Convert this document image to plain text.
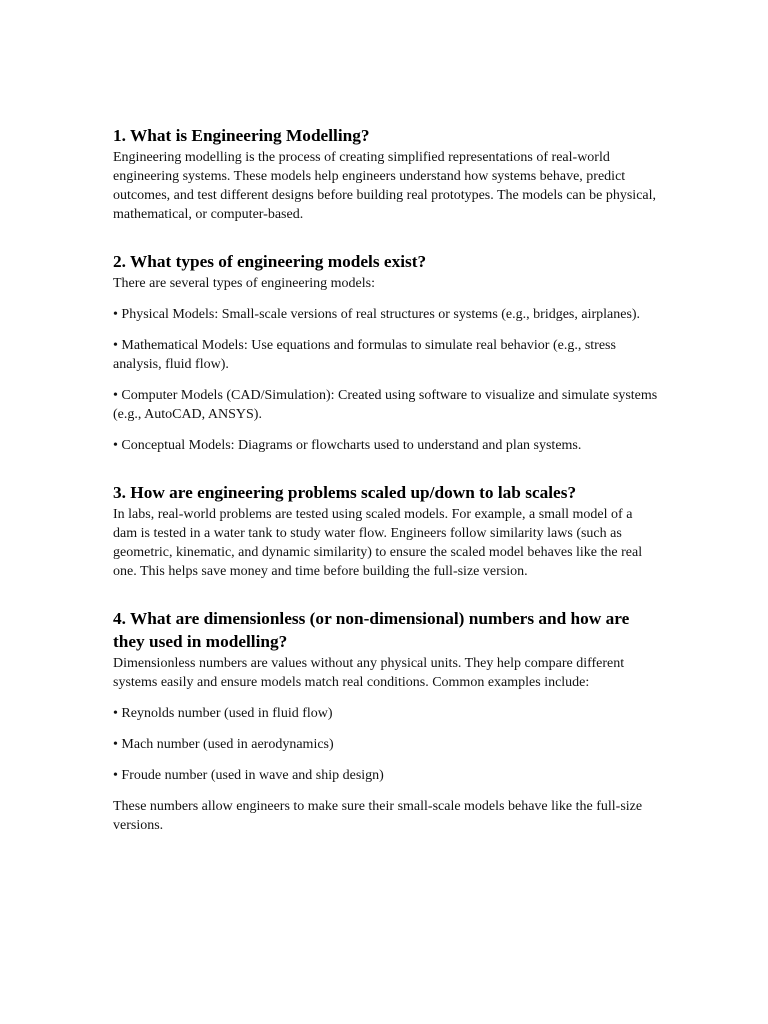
1. What is Engineering Modelling?

Engineering modelling is the process of creating simplified representations of real-world engineering systems. These models help engineers understand how systems behave, predict outcomes, and test different designs before building real prototypes. The models can be physical, mathematical, or computer-based.

2. What types of engineering models exist?

There are several types of engineering models:

• Physical Models: Small-scale versions of real structures or systems (e.g., bridges, airplanes).
• Mathematical Models: Use equations and formulas to simulate real behavior (e.g., stress analysis, fluid flow).
• Computer Models (CAD/Simulation): Created using software to visualize and simulate systems (e.g., AutoCAD, ANSYS).
• Conceptual Models: Diagrams or flowcharts used to understand and plan systems.
3. How are engineering problems scaled up/down to lab scales?

In labs, real-world problems are tested using scaled models. For example, a small model of a dam is tested in a water tank to study water flow. Engineers follow similarity laws (such as geometric, kinematic, and dynamic similarity) to ensure the scaled model behaves like the real one. This helps save money and time before building the full-size version.

4. What are dimensionless (or non-dimensional) numbers and how are they used in modelling?

Dimensionless numbers are values without any physical units. They help compare different systems easily and ensure models match real conditions. Common examples include:

• Reynolds number (used in fluid flow)
• Mach number (used in aerodynamics)
• Froude number (used in wave and ship design)

These numbers allow engineers to make sure their small-scale models behave like the full-size versions.
